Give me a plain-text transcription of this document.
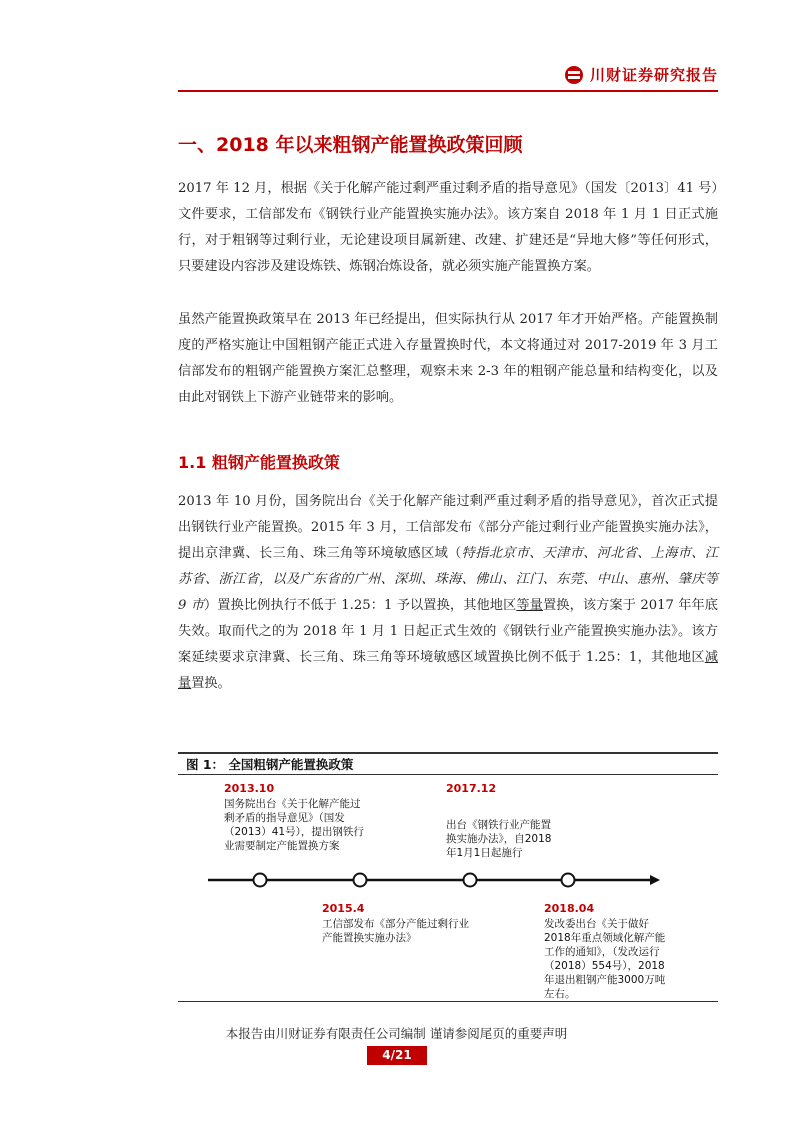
川财证券研究报告
一、2018 年以来粗钢产能置换政策回顾

2017 年 12 月，根据《关于化解产能过剩严重过剩矛盾的指导意见》（国发〔2013〕41 号）文件要求，工信部发布《钢铁行业产能置换实施办法》。该方案自 2018 年 1 月 1 日正式施行，对于粗钢等过剩行业，无论建设项目属新建、改建、扩建还是“异地大修”等任何形式，只要建设内容涉及建设炼铁、炼钢冶炼设备，就必须实施产能置换方案。

虽然产能置换政策早在 2013 年已经提出，但实际执行从 2017 年才开始严格。产能置换制度的严格实施让中国粗钢产能正式进入存量置换时代，本文将通过对 2017-2019 年 3 月工信部发布的粗钢产能置换方案汇总整理，观察未来 2-3 年的粗钢产能总量和结构变化，以及由此对钢铁上下游产业链带来的影响。

1.1 粗钢产能置换政策

2013 年 10 月份，国务院出台《关于化解产能过剩严重过剩矛盾的指导意见》，首次正式提出钢铁行业产能置换。2015 年 3 月，工信部发布《部分产能过剩行业产能置换实施办法》，提出京津冀、长三角、珠三角等环境敏感区域（特指北京市、天津市、河北省、上海市、江苏省、浙江省，以及广东省的广州、深圳、珠海、佛山、江门、东莞、中山、惠州、肇庆等 9 市）置换比例执行不低于 1.25：1 予以置换，其他地区等量置换，该方案于 2017 年年底失效。取而代之的为 2018 年 1 月 1 日起正式生效的《钢铁行业产能置换实施办法》。该方案延续要求京津冀、长三角、珠三角等环境敏感区域置换比例不低于 1.25：1，其他地区减量置换。

图 1： 全国粗钢产能置换政策
2013.10
国务院出台《关于化解产能过剩矛盾的指导意见》（国发（2013）41号），提出钢铁行业需要制定产能置换方案
2015.4
工信部发布《部分产能过剩行业产能置换实施办法》
2017.12
出台《钢铁行业产能置换实施办法》，自2018年1月1日起施行
2018.04
发改委出台《关于做好2018年重点领域化解产能工作的通知》，（发改运行（2018）554号），2018年退出粗钢产能3000万吨左右。
本报告由川财证券有限责任公司编制 谨请参阅尾页的重要声明
4/21
